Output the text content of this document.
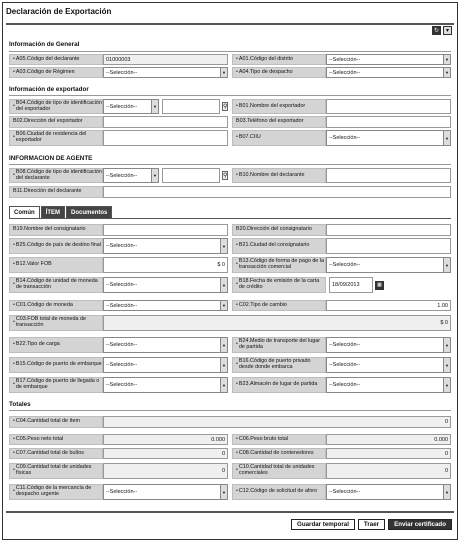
Declaración de Exportación
↻	▾
Información de General
• A05.Código del declarante	01000003	• A01.Código del distrito	--Selección--	▼
• A03.Código de Régimen	--Selección--	▼ • A04.Tipo de despacho	--Selección--	▼
Información de exportador
• B04.Código de tipo de identificación del exportador	--Selección--	▼	⚲ • B01.Nombre del exportador
B02.Dirección del exportador	B03.Teléfono del exportador
• B06.Ciudad de residencia del exportador	• B07.CIIU	--Selección--	▼
INFORMACION DE AGENTE
• B08.Código de tipo de identificación del declarante	--Selección--	▼	⚲ • B10.Nombre del declarante
B11.Dirección del declarante
Común	ÍTEM	Documentos
B19.Nombre del consignatario	B20.Dirección del consignatario
• B25.Código de país de destino final --Selección--	▼ • B21.Ciudad del consignatario
• B12.Valor FOB	$ 0	• B13.Código de forma de pago de la transacción comercial	--Selección--	▼
• B14.Código de unidad de moneda de transacción	--Selección--	▼ • B18.Fecha de emisión de la carta de crédito	18/09/2013	▦
• C01.Código de moneda	--Selección--	▼ • C02.Tipo de cambio	1.00
• C03.FOB total de moneda de transacción	$ 0
• B22.Tipo de carga	--Selección--	▼ • B24.Medio de transporte del lugar de partida	--Selección--	▼
• B15.Código de puerto de embarque --Selección--	▼ • B16.Código de puerto privado desde donde embarca	--Selección--	▼
• B17.Código de puerto de llegada o de embarque	--Selección--	▼ • B23.Almacén de lugar de partida --Selección--	▼
Totales
• C04.Cantidad total de ítem	0
• C05.Peso neto total	0.000	• C06.Peso bruto total	0.000
• C07.Cantidad total de bultos	0	• C08.Cantidad de contenedores	0
• C09.Cantidad total de unidades físicas	0	• C10.Cantidad total de unidades comerciales	0
• C11.Código de la mercancía de despacho urgente	--Selección--	▼ • C12.Código de solicitud de aforo --Selección--	▼
Guardar temporal	Traer	Enviar certificado
